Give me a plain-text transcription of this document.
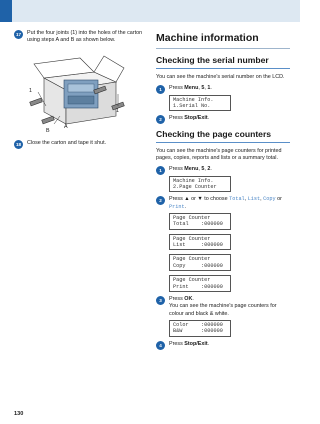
17	Put the four joints (1) into the holes of the carton using steps A and B as shown below.
1
1
A
B
18	Close the carton and tape it shut.
Machine information
Checking the serial number
You can see the machine's serial number on the LCD.
1	Press Menu, 5, 1.
Machine Info.
1.Serial No.
2	Press Stop/Exit.
Checking the page counters
You can see the machine's page counters for printed pages, copies, reports and lists or a summary total.
1	Press Menu, 5, 2.
Machine Info.
2.Page Counter
2	Press ▲ or ▼ to choose Total, List, Copy or Print.
Page Counter
Total    :000000
Page Counter
List     :000000
Page Counter
Copy     :000000
Page Counter
Print    :000000
3	Press OK.
You can see the machine's page counters for colour and black & white.
Color    :000000
B&W      :000000
4	Press Stop/Exit.
130
